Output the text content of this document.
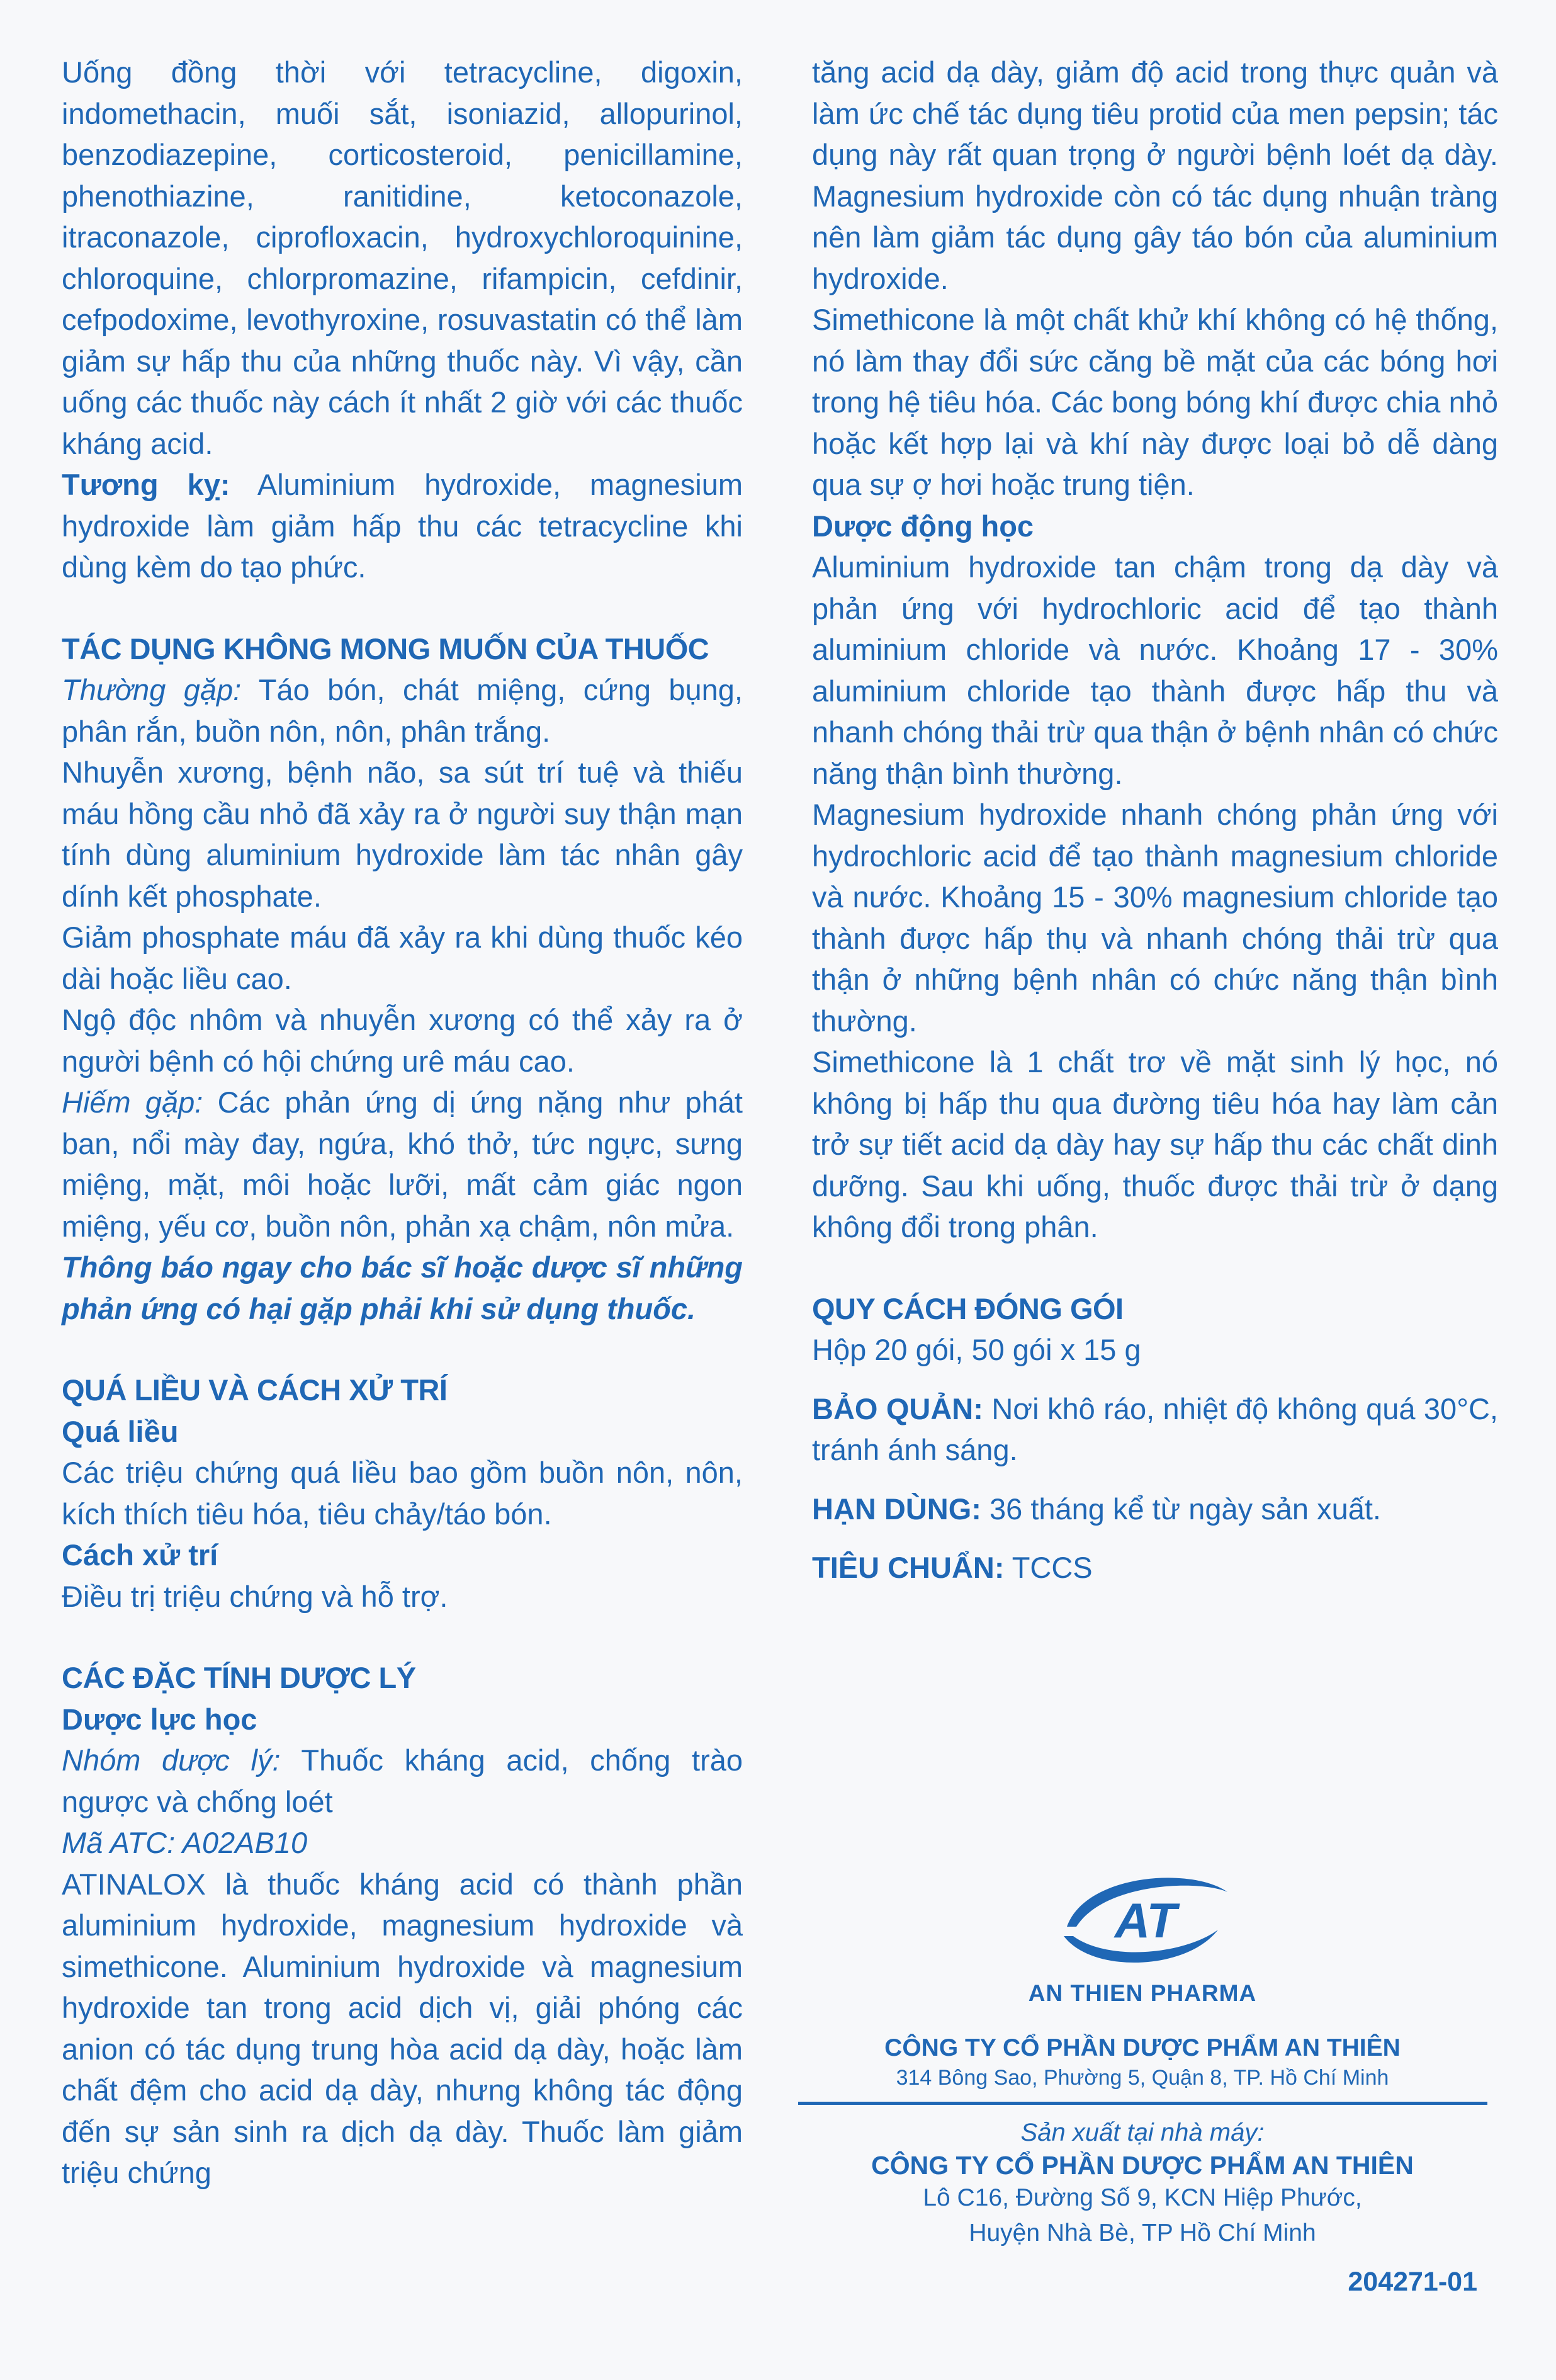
Uống đồng thời với tetracycline, digoxin, indomethacin, muối sắt, isoniazid, allopurinol, benzodiazepine, corticosteroid, penicillamine, phenothiazine, ranitidine, ketoconazole, itraconazole, ciprofloxacin, hydroxychloroquinine, chloroquine, chlorpromazine, rifampicin, cefdinir, cefpodoxime, levothyroxine, rosuvastatin có thể làm giảm sự hấp thu của những thuốc này. Vì vậy, cần uống các thuốc này cách ít nhất 2 giờ với các thuốc kháng acid.

Tương kỵ: Aluminium hydroxide, magnesium hydroxide làm giảm hấp thu các tetracycline khi dùng kèm do tạo phức.

TÁC DỤNG KHÔNG MONG MUỐN CỦA THUỐC

Thường gặp: Táo bón, chát miệng, cứng bụng, phân rắn, buồn nôn, nôn, phân trắng.

Nhuyễn xương, bệnh não, sa sút trí tuệ và thiếu máu hồng cầu nhỏ đã xảy ra ở người suy thận mạn tính dùng aluminium hydroxide làm tác nhân gây dính kết phosphate.

Giảm phosphate máu đã xảy ra khi dùng thuốc kéo dài hoặc liều cao.

Ngộ độc nhôm và nhuyễn xương có thể xảy ra ở người bệnh có hội chứng urê máu cao.

Hiếm gặp: Các phản ứng dị ứng nặng như phát ban, nổi mày đay, ngứa, khó thở, tức ngực, sưng miệng, mặt, môi hoặc lưỡi, mất cảm giác ngon miệng, yếu cơ, buồn nôn, phản xạ chậm, nôn mửa.

Thông báo ngay cho bác sĩ hoặc dược sĩ những phản ứng có hại gặp phải khi sử dụng thuốc.

QUÁ LIỀU VÀ CÁCH XỬ TRÍ

Quá liều

Các triệu chứng quá liều bao gồm buồn nôn, nôn, kích thích tiêu hóa, tiêu chảy/táo bón.

Cách xử trí

Điều trị triệu chứng và hỗ trợ.

CÁC ĐẶC TÍNH DƯỢC LÝ

Dược lực học

Nhóm dược lý: Thuốc kháng acid, chống trào ngược và chống loét

Mã ATC: A02AB10

ATINALOX là thuốc kháng acid có thành phần aluminium hydroxide, magnesium hydroxide và simethicone. Aluminium hydroxide và magnesium hydroxide tan trong acid dịch vị, giải phóng các anion có tác dụng trung hòa acid dạ dày, hoặc làm chất đệm cho acid dạ dày, nhưng không tác động đến sự sản sinh ra dịch dạ dày. Thuốc làm giảm triệu chứng

tăng acid dạ dày, giảm độ acid trong thực quản và làm ức chế tác dụng tiêu protid của men pepsin; tác dụng này rất quan trọng ở người bệnh loét dạ dày. Magnesium hydroxide còn có tác dụng nhuận tràng nên làm giảm tác dụng gây táo bón của aluminium hydroxide.

Simethicone là một chất khử khí không có hệ thống, nó làm thay đổi sức căng bề mặt của các bóng hơi trong hệ tiêu hóa. Các bong bóng khí được chia nhỏ hoặc kết hợp lại và khí này được loại bỏ dễ dàng qua sự ợ hơi hoặc trung tiện.

Dược động học

Aluminium hydroxide tan chậm trong dạ dày và phản ứng với hydrochloric acid để tạo thành aluminium chloride và nước. Khoảng 17 - 30% aluminium chloride tạo thành được hấp thu và nhanh chóng thải trừ qua thận ở bệnh nhân có chức năng thận bình thường.

Magnesium hydroxide nhanh chóng phản ứng với hydrochloric acid để tạo thành magnesium chloride và nước. Khoảng 15 - 30% magnesium chloride tạo thành được hấp thụ và nhanh chóng thải trừ qua thận ở những bệnh nhân có chức năng thận bình thường.

Simethicone là 1 chất trơ về mặt sinh lý học, nó không bị hấp thu qua đường tiêu hóa hay làm cản trở sự tiết acid dạ dày hay sự hấp thu các chất dinh dưỡng. Sau khi uống, thuốc được thải trừ ở dạng không đổi trong phân.

QUY CÁCH ĐÓNG GÓI

Hộp 20 gói, 50 gói x 15 g

BẢO QUẢN: Nơi khô ráo, nhiệt độ không quá 30°C, tránh ánh sáng.

HẠN DÙNG: 36 tháng kể từ ngày sản xuất.

TIÊU CHUẨN: TCCS

AT
AN THIEN PHARMA
CÔNG TY CỔ PHẦN DƯỢC PHẨM AN THIÊN
314 Bông Sao, Phường 5, Quận 8, TP. Hồ Chí Minh
Sản xuất tại nhà máy:
CÔNG TY CỔ PHẦN DƯỢC PHẨM AN THIÊN
Lô C16, Đường Số 9, KCN Hiệp Phước,
Huyện Nhà Bè, TP Hồ Chí Minh
204271-01
